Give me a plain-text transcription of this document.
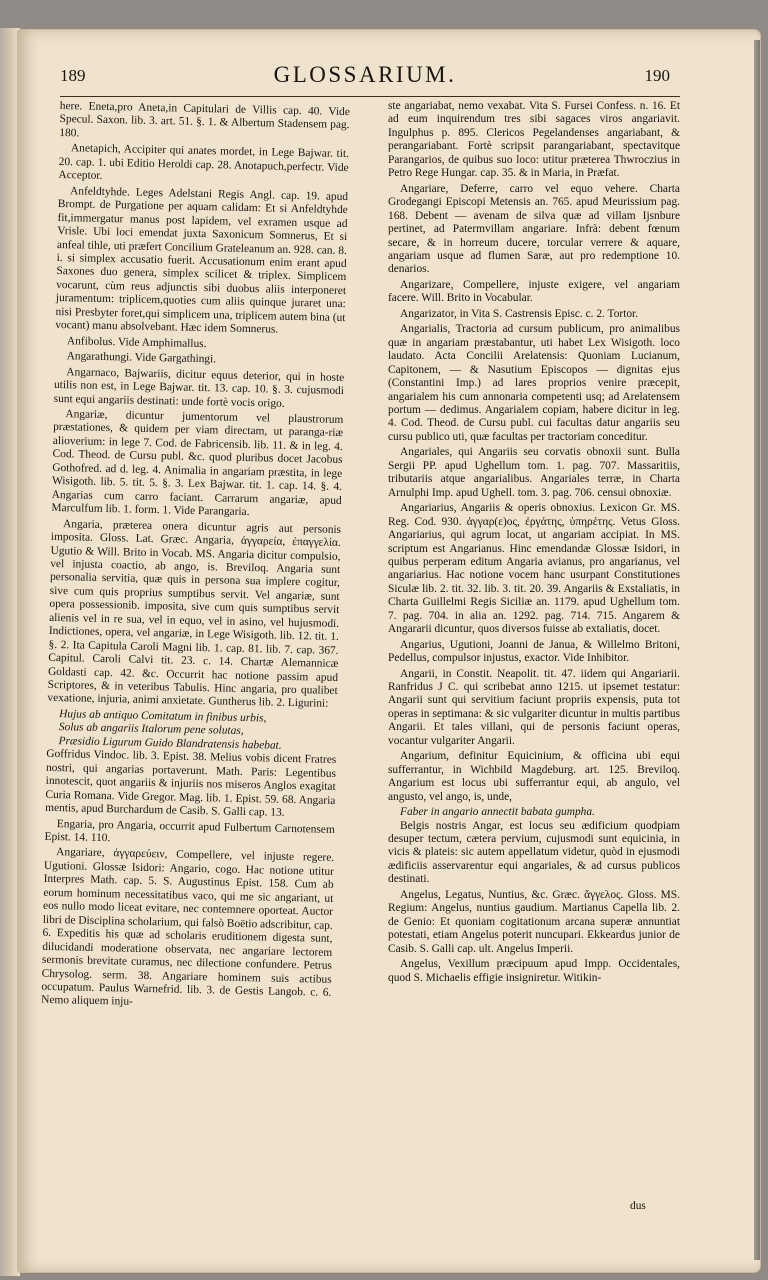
189	GLOSSARIUM.	190

here. Eneta,pro Aneta,in Capitulari de Villis cap. 40. Vide Specul. Saxon. lib. 3. art. 51. §. 1. & Albertum Stadensem pag. 180.

Anetapich, Accipiter qui anates mordet, in Lege Bajwar. tit. 20. cap. 1. ubi Editio Heroldi cap. 28. Anotapuch,perfectr. Vide Acceptor.

Anfeldtyhde. Leges Adelstani Regis Angl. cap. 19. apud Brompt. de Purgatione per aquam calidam: Et si Anfeldtyhde fit,immergatur manus post lapidem, vel exramen usque ad Vrisle. Ubi loci emendat juxta Saxonicum Somnerus, Et si anfeal tihle, uti præfert Concilium Grateleanum an. 928. can. 8. i. si simplex accusatio fuerit. Accusationum enim erant apud Saxones duo genera, simplex scilicet & triplex. Simplicem vocarunt, cùm reus adjunctis sibi duobus aliis interponeret juramentum: triplicem,quoties cum aliis quinque juraret una: nisi Presbyter foret,qui simplicem una, triplicem autem bina (ut vocant) manu absolvebant. Hæc idem Somnerus.

Anfibolus. Vide Amphimallus.

Angarathungi. Vide Gargathingi.

Angarnaco, Bajwariis, dicitur equus deterior, qui in hoste utilis non est, in Lege Bajwar. tit. 13. cap. 10. §. 3. cujusmodi sunt equi angariis destinati: unde fortè vocis origo.

Angariæ, dicuntur jumentorum vel plaustrorum præstationes, & quidem per viam directam, ut paranga-riæ alioverium: in lege 7. Cod. de Fabricensib. lib. 11. & in leg. 4. Cod. Theod. de Cursu publ. &c. quod pluribus docet Jacobus Gothofred. ad d. leg. 4. Animalia in angariam præstita, in lege Wisigoth. lib. 5. tit. 5. §. 3. Lex Bajwar. tit. 1. cap. 14. §. 4. Angarias cum carro faciant. Carrarum angariæ, apud Marculfum lib. 1. form. 1. Vide Parangaria.

Angaria, præterea onera dicuntur agris aut personis imposita. Gloss. Lat. Græc. Angaria, ἀγγαρεία, ἐπαγγελία. Ugutio & Will. Brito in Vocab. MS. Angaria dicitur compulsio, vel injusta coactio, ab ango, is. Breviloq. Angaria sunt personalia servitia, quæ quis in persona sua implere cogitur, sive cum quis proprius sumptibus servit. Vel angariæ, sunt opera possessionib. imposita, sive cum quis sumptibus servit alienis vel in re sua, vel in equo, vel in asino, vel hujusmodi. Indictiones, opera, vel angariæ, in Lege Wisigoth. lib. 12. tit. 1. §. 2. Ita Capitula Caroli Magni lib. 1. cap. 81. lib. 7. cap. 367. Capitul. Caroli Calvi tit. 23. c. 14. Chartæ Alemannicæ Goldasti cap. 42. &c. Occurrit hac notione passim apud Scriptores, & in veteribus Tabulis. Hinc angaria, pro qualibet vexatione, injuria, animi anxietate. Guntherus lib. 2. Ligurini:

Hujus ab antiquo Comitatum in finibus urbis,

Solus ab angariis Italorum pene solutas,

Præsidio Ligurum Guido Blandratensis habebat.

Goffridus Vindoc. lib. 3. Epist. 38. Melius vobis dicent Fratres nostri, qui angarias portaverunt. Math. Paris: Legentibus innotescit, quot angariis & injuriis nos miseros Anglos exagitat Curia Romana. Vide Gregor. Mag. lib. 1. Epist. 59. 68. Angaria mentis, apud Burchardum de Casib. S. Galli cap. 13.

Engaria, pro Angaria, occurrit apud Fulbertum Carnotensem Epist. 14. 110.

Angariare, ἀγγαρεύειν, Compellere, vel injuste regere. Ugutioni. Glossæ Isidori: Angario, cogo. Hac notione utitur Interpres Math. cap. 5. S. Augustinus Epist. 158. Cum ab eorum hominum necessitatibus vaco, qui me sic angariant, ut eos nullo modo liceat evitare, nec contemnere oporteat. Auctor libri de Disciplina scholarium, qui falsò Boëtio adscribitur, cap. 6. Expeditis his quæ ad scholaris eruditionem digesta sunt, dilucidandi moderatione observata, nec angariare lectorem sermonis brevitate curamus, nec dilectione confundere. Petrus Chrysolog. serm. 38. Angariare hominem suis actibus occupatum. Paulus Warnefrid. lib. 3. de Gestis Langob. c. 6. Nemo aliquem inju-

ste angariabat, nemo vexabat. Vita S. Fursei Confess. n. 16. Et ad eum inquirendum tres sibi sagaces viros angariavit. Ingulphus p. 895. Clericos Pegelandenses angariabant, & perangariabant. Fortè scripsit parangariabant, spectavitque Parangarios, de quibus suo loco: utitur præterea Thwroczius in Petro Rege Hungar. cap. 35. & in Maria, in Præfat.

Angariare, Deferre, carro vel equo vehere. Charta Grodegangi Episcopi Metensis an. 765. apud Meurissium pag. 168. Debent — avenam de silva quæ ad villam Ijsnbure pertinet, ad Patermvillam angariare. Infrà: debent fœnum secare, & in horreum ducere, torcular verrere & aquare, angariam usque ad flumen Saræ, aut pro redemptione 10. denarios.

Angarizare, Compellere, injuste exigere, vel angariam facere. Will. Brito in Vocabular.

Angarizator, in Vita S. Castrensis Episc. c. 2. Tortor.

Angarialis, Tractoria ad cursum publicum, pro animalibus quæ in angariam præstabantur, uti habet Lex Wisigoth. loco laudato. Acta Concilii Arelatensis: Quoniam Lucianum, Capitonem, — & Nasutium Episcopos — dignitas ejus (Constantini Imp.) ad lares proprios venire præcepit, angarialem his cum annonaria competenti usq; ad Arelatensem portum — dedimus. Angarialem copiam, habere dicitur in leg. 4. Cod. Theod. de Cursu publ. cui facultas datur angariis seu cursu publico uti, quæ facultas per tractoriam conceditur.

Angariales, qui Angariis seu corvatis obnoxii sunt. Bulla Sergii PP. apud Ughellum tom. 1. pag. 707. Massaritiis, tributariis atque angarialibus. Angariales terræ, in Charta Arnulphi Imp. apud Ughell. tom. 3. pag. 706. censui obnoxiæ.

Angariarius, Angariis & operis obnoxius. Lexicon Gr. MS. Reg. Cod. 930. ἀγγαρ(ε)ος, ἐργάτης, ὑπηρέτης. Vetus Gloss. Angariarius, qui agrum locat, ut angariam accipiat. In MS. scriptum est Angarianus. Hinc emendandæ Glossæ Isidori, in quibus perperam editum Angaria avianus, pro angarianus, vel angariarius. Hac notione vocem hanc usurpant Constitutiones Siculæ lib. 2. tit. 32. lib. 3. tit. 20. 39. Angariis & Exstaliatis, in Charta Guillelmi Regis Siciliæ an. 1179. apud Ughellum tom. 7. pag. 704. in alia an. 1292. pag. 714. 715. Angarem & Angararii dicuntur, quos diversos fuisse ab extaliatis, docet.

Angarius, Ugutioni, Joanni de Janua, & Willelmo Britoni, Pedellus, compulsor injustus, exactor. Vide Inhibitor.

Angarii, in Constit. Neapolit. tit. 47. iidem qui Angariarii. Ranfridus J C. qui scribebat anno 1215. ut ipsemet testatur: Angarii sunt qui servitium faciunt propriis expensis, puta tot operas in septimana: & sic vulgariter dicuntur in multis partibus Angarii. Et tales villani, qui de personis faciunt operas, vocantur vulgariter Angarii.

Angarium, definitur Equicinium, & officina ubi equi sufferrantur, in Wichbild Magdeburg. art. 125. Breviloq. Angarium est locus ubi sufferrantur equi, ab angulo, vel angusto, vel ango, is, unde,

Faber in angario annectit babata gumpha.

Belgis nostris Angar, est locus seu ædificium quodpiam desuper tectum, cætera pervium, cujusmodi sunt equicinia, in vicis & plateis: sic autem appellatum videtur, quòd in ejusmodi ædificiis asservarentur equi angariales, & ad cursus publicos destinati.

Angelus, Legatus, Nuntius, &c. Græc. ἄγγελος. Gloss. MS. Regium: Angelus, nuntius gaudium. Martianus Capella lib. 2. de Genio: Et quoniam cogitationum arcana superæ annuntiat potestati, etiam Angelus poterit nuncupari. Ekkeardus junior de Casib. S. Galli cap. ult. Angelus Imperii.

Angelus, Vexillum præcipuum apud Impp. Occidentales, quod S. Michaelis effigie insigniretur. Witikin-

dus
